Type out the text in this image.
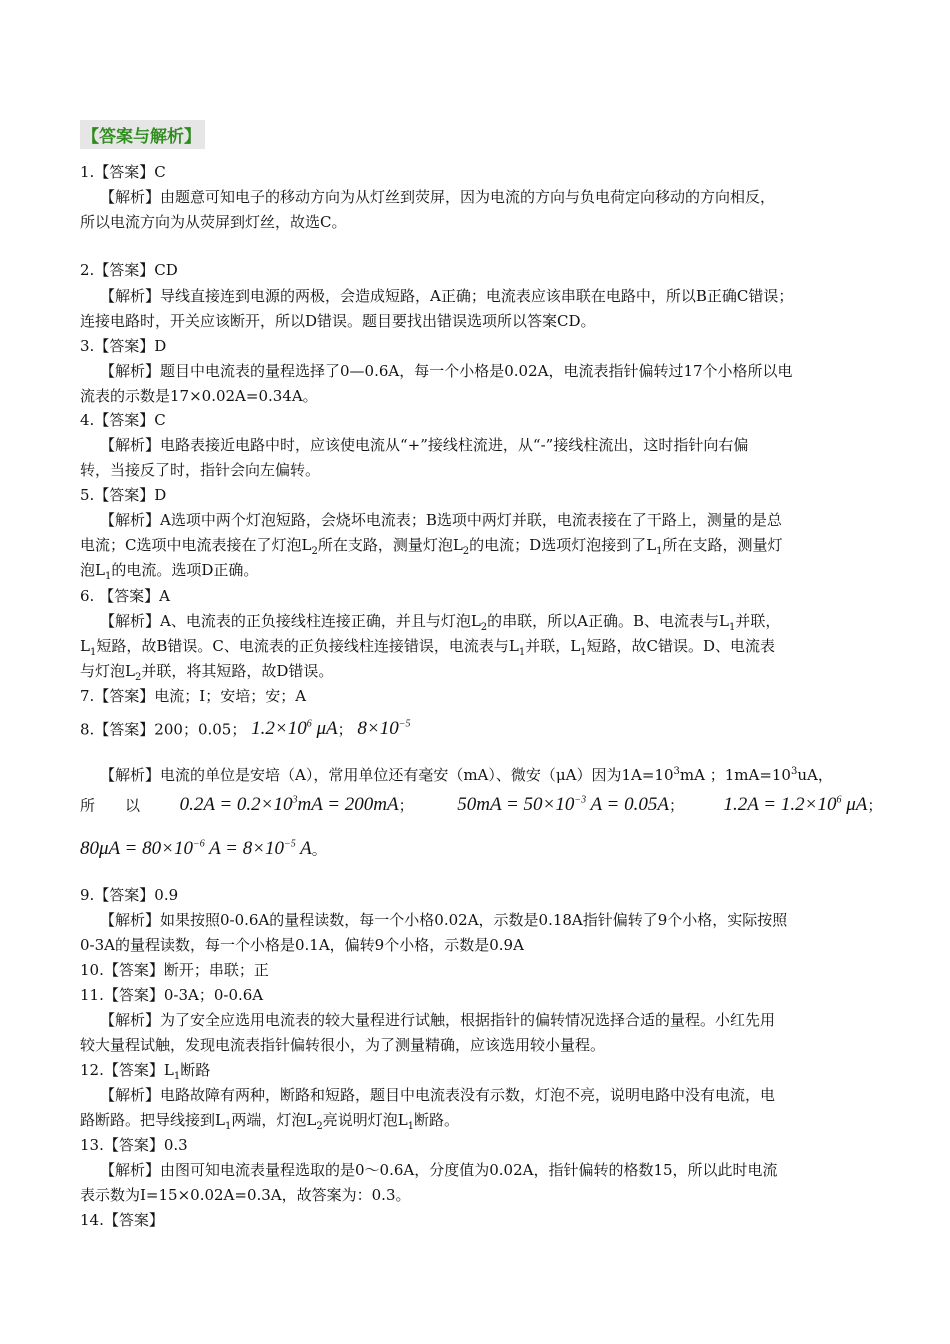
【答案与解析】
1.【答案】C
【解析】由题意可知电子的移动方向为从灯丝到荧屏，因为电流的方向与负电荷定向移动的方向相反，
所以电流方向为从荧屏到灯丝，故选C。
2.【答案】CD
【解析】导线直接连到电源的两极，会造成短路，A正确；电流表应该串联在电路中，所以B正确C错误；
连接电路时，开关应该断开，所以D错误。题目要找出错误选项所以答案CD。
3.【答案】D
【解析】题目中电流表的量程选择了0—0.6A，每一个小格是0.02A，电流表指针偏转过17个小格所以电
流表的示数是17×0.02A=0.34A。
4.【答案】C
【解析】电路表接近电路中时，应该使电流从“+”接线柱流进，从“-”接线柱流出，这时指针向右偏
转，当接反了时，指针会向左偏转。
5.【答案】D
【解析】A选项中两个灯泡短路，会烧坏电流表；B选项中两灯并联，电流表接在了干路上，测量的是总
电流；C选项中电流表接在了灯泡$L_2$所在支路，测量灯泡$L_2$的电流；D选项灯泡接到了$L_1$所在支路，测量灯
泡$L_1$的电流。选项D正确。
6. 【答案】A
【解析】A、电流表的正负接线柱连接正确，并且与灯泡$L_2$的串联，所以A正确。B、电流表与$L_1$并联，
$L_1$短路，故B错误。C、电流表的正负接线柱连接错误，电流表与$L_1$并联，$L_1$短路，故C错误。D、电流表
与灯泡$L_2$并联，将其短路，故D错误。
7.【答案】电流；I；安培；安；A
8.【答案】200；0.05； $1.2\times 10^6$ μA； $8\times 10^{-5}$
【解析】电流的单位是安培（A），常用单位还有毫安（mA）、微安（μA）因为$1A=10^3mA$ ；$1mA=10^3uA$，
所 以 $0.2A = 0.2\times 10^3mA = 200mA$； $50mA = 50\times 10^{-3}$ A = 0.05A； $1.2A = 1.2\times 10^6$ μA；
$80\mu A = 80\times 10^{-6}$ $A = 8\times 10^{-5}$ A。
9.【答案】0.9
【解析】如果按照0-0.6A的量程读数，每一个小格0.02A，示数是0.18A指针偏转了9个小格，实际按照
0-3A的量程读数，每一个小格是0.1A，偏转9个小格，示数是0.9A
10.【答案】断开；串联；正
11.【答案】0-3A；0-0.6A
【解析】为了安全应选用电流表的较大量程进行试触，根据指针的偏转情况选择合适的量程。小红先用
较大量程试触，发现电流表指针偏转很小，为了测量精确，应该选用较小量程。
12.【答案】$L_1$断路
【解析】电路故障有两种，断路和短路，题目中电流表没有示数，灯泡不亮，说明电路中没有电流，电
路断路。把导线接到$L_1$两端，灯泡$L_2$亮说明灯泡$L_1$断路。
13.【答案】0.3
【解析】由图可知电流表量程选取的是0～0.6A，分度值为0.02A，指针偏转的格数15，所以此时电流
表示数为I=15×0.02A=0.3A，故答案为：0.3。
14.【答案】
